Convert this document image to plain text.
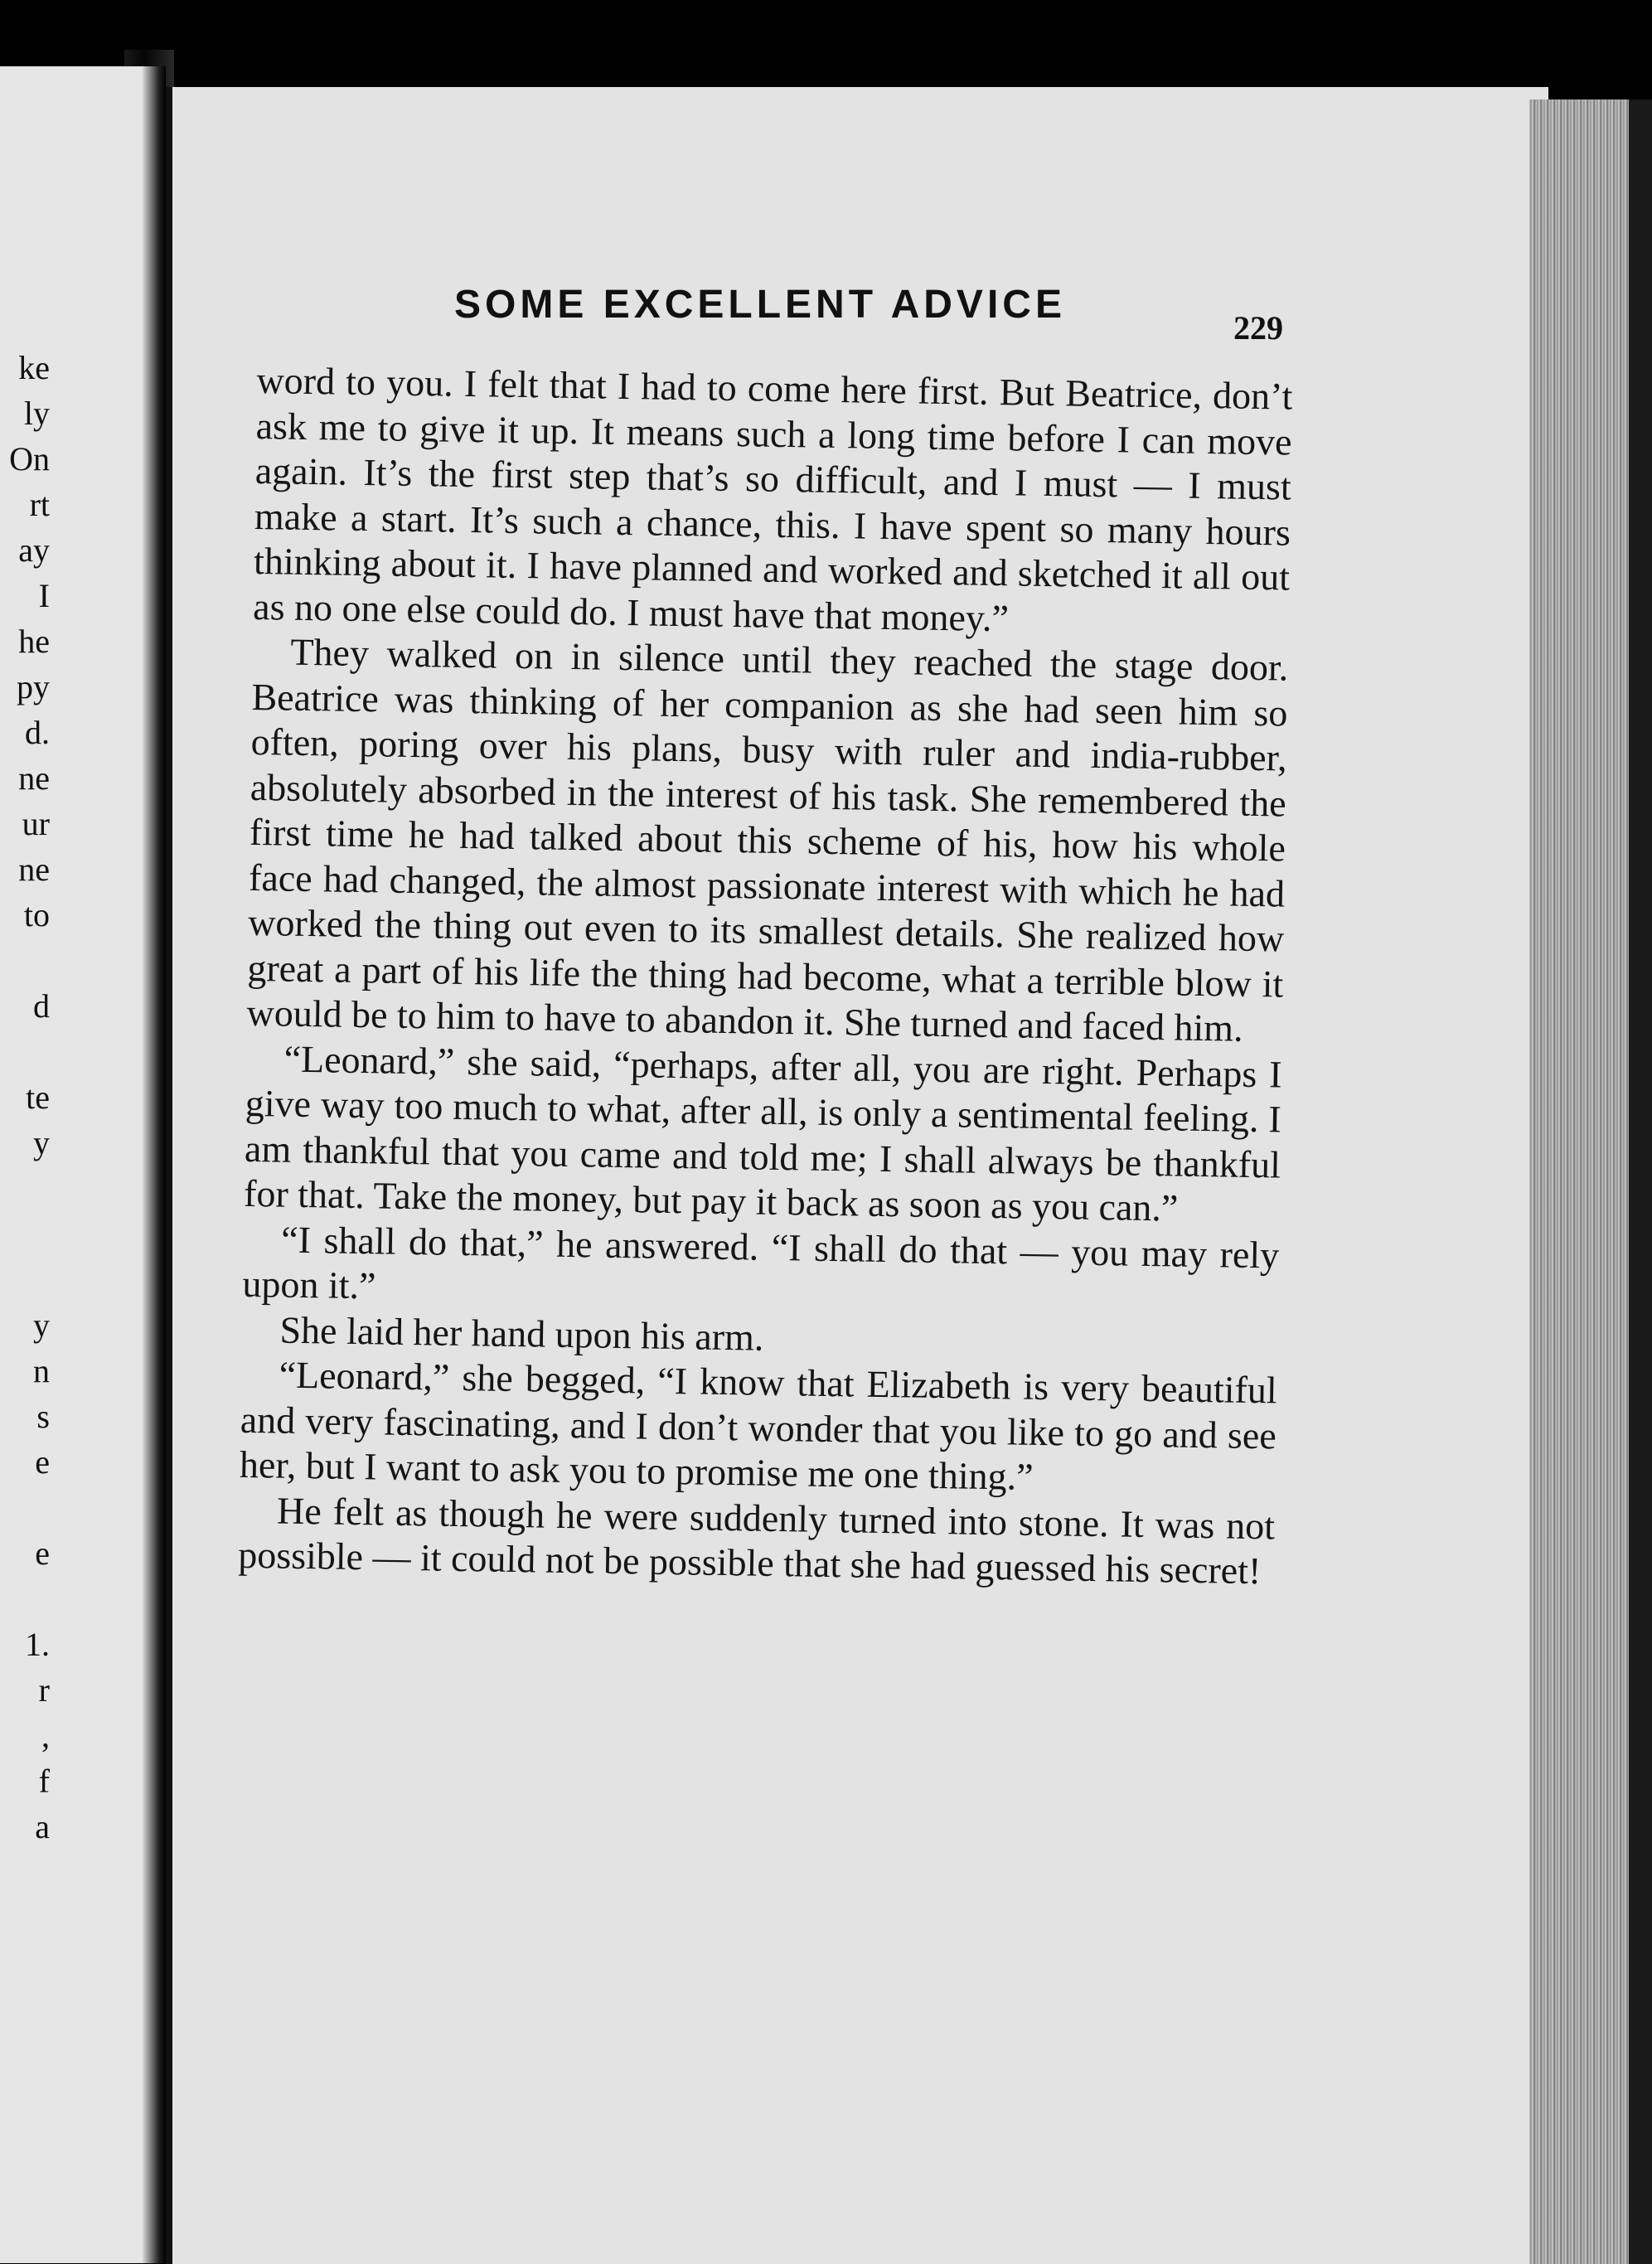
ke
ly
On
rt
ay
I
he
py
d.
ne
ur
ne
to
d
te
y
y
n
s
e
e
1.
r
,
f
a
SOME EXCELLENT ADVICE
229

word to you. I felt that I had to come here first. But Beatrice, don’t ask me to give it up. It means such a long time before I can move again. It’s the first step that’s so difficult, and I must — I must make a start. It’s such a chance, this. I have spent so many hours thinking about it. I have planned and worked and sketched it all out as no one else could do. I must have that money.”

They walked on in silence until they reached the stage door. Beatrice was thinking of her companion as she had seen him so often, poring over his plans, busy with ruler and india-rubber, absolutely absorbed in the interest of his task. She remembered the first time he had talked about this scheme of his, how his whole face had changed, the almost passionate interest with which he had worked the thing out even to its smallest details. She realized how great a part of his life the thing had become, what a terrible blow it would be to him to have to abandon it. She turned and faced him.

“Leonard,” she said, “perhaps, after all, you are right. Perhaps I give way too much to what, after all, is only a sentimental feeling. I am thankful that you came and told me; I shall always be thankful for that. Take the money, but pay it back as soon as you can.”

“I shall do that,” he answered. “I shall do that — you may rely upon it.”

She laid her hand upon his arm.

“Leonard,” she begged, “I know that Elizabeth is very beautiful and very fascinating, and I don’t wonder that you like to go and see her, but I want to ask you to promise me one thing.”

He felt as though he were suddenly turned into stone. It was not possible — it could not be possible that she had guessed his secret!
